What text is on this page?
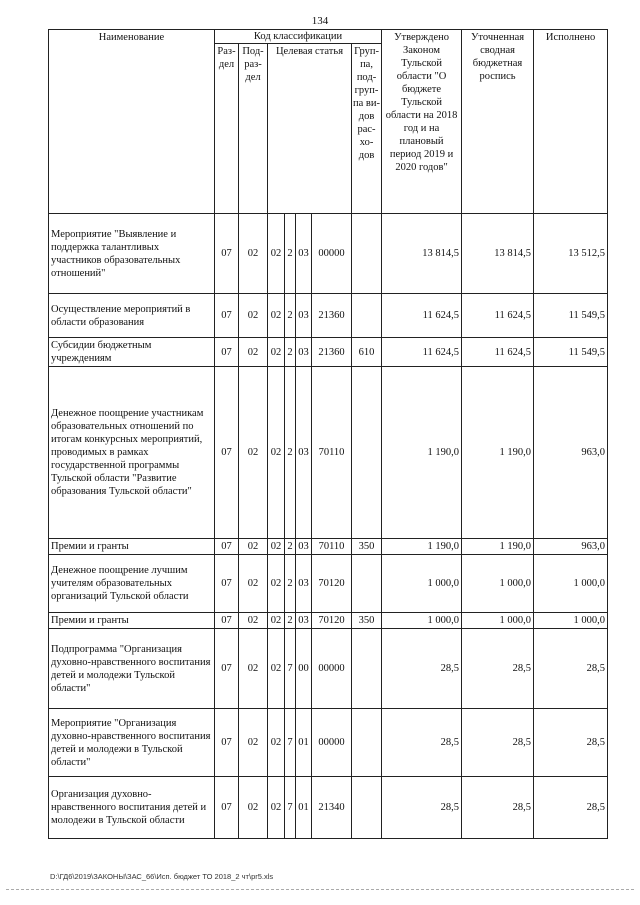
134
Наименование	Код классификации							Утверждено Законом Тульской области "О бюджете Тульской области на 2018 год и на плановый период 2019 и 2020 годов"	Уточненная сводная бюджетная роспись	Исполнено
	Раз-дел	Под-раз-дел	Целевая статья				Груп-па, под-груп-па ви-дов рас-хо-дов			
Мероприятие "Выявление и поддержка талантливых участников образовательных отношений"	07	02	02	2	03	00000		13 814,5	13 814,5	13 512,5
Осуществление мероприятий в области образования	07	02	02	2	03	21360		11 624,5	11 624,5	11 549,5
Субсидии бюджетным учреждениям	07	02	02	2	03	21360	610	11 624,5	11 624,5	11 549,5
Денежное поощрение участникам образовательных отношений по итогам конкурсных мероприятий, проводимых в рамках государственной программы Тульской области "Развитие образования Тульской области"	07	02	02	2	03	70110		1 190,0	1 190,0	963,0
Премии и гранты	07	02	02	2	03	70110	350	1 190,0	1 190,0	963,0
Денежное поощрение лучшим учителям образовательных организаций Тульской области	07	02	02	2	03	70120		1 000,0	1 000,0	1 000,0
Премии и гранты	07	02	02	2	03	70120	350	1 000,0	1 000,0	1 000,0
Подпрограмма "Организация духовно-нравственного воспитания детей и молодежи Тульской области"	07	02	02	7	00	00000		28,5	28,5	28,5
Мероприятие "Организация духовно-нравственного воспитания детей и молодежи в Тульской области"	07	02	02	7	01	00000		28,5	28,5	28,5
Организация духовно-нравственного воспитания детей и молодежи в Тульской области	07	02	02	7	01	21340		28,5	28,5	28,5
D:\ГД6\2019\ЗАКОНЫ\ЗАС_66\Исп. бюджет ТО 2018_2 чт\pr5.xls
